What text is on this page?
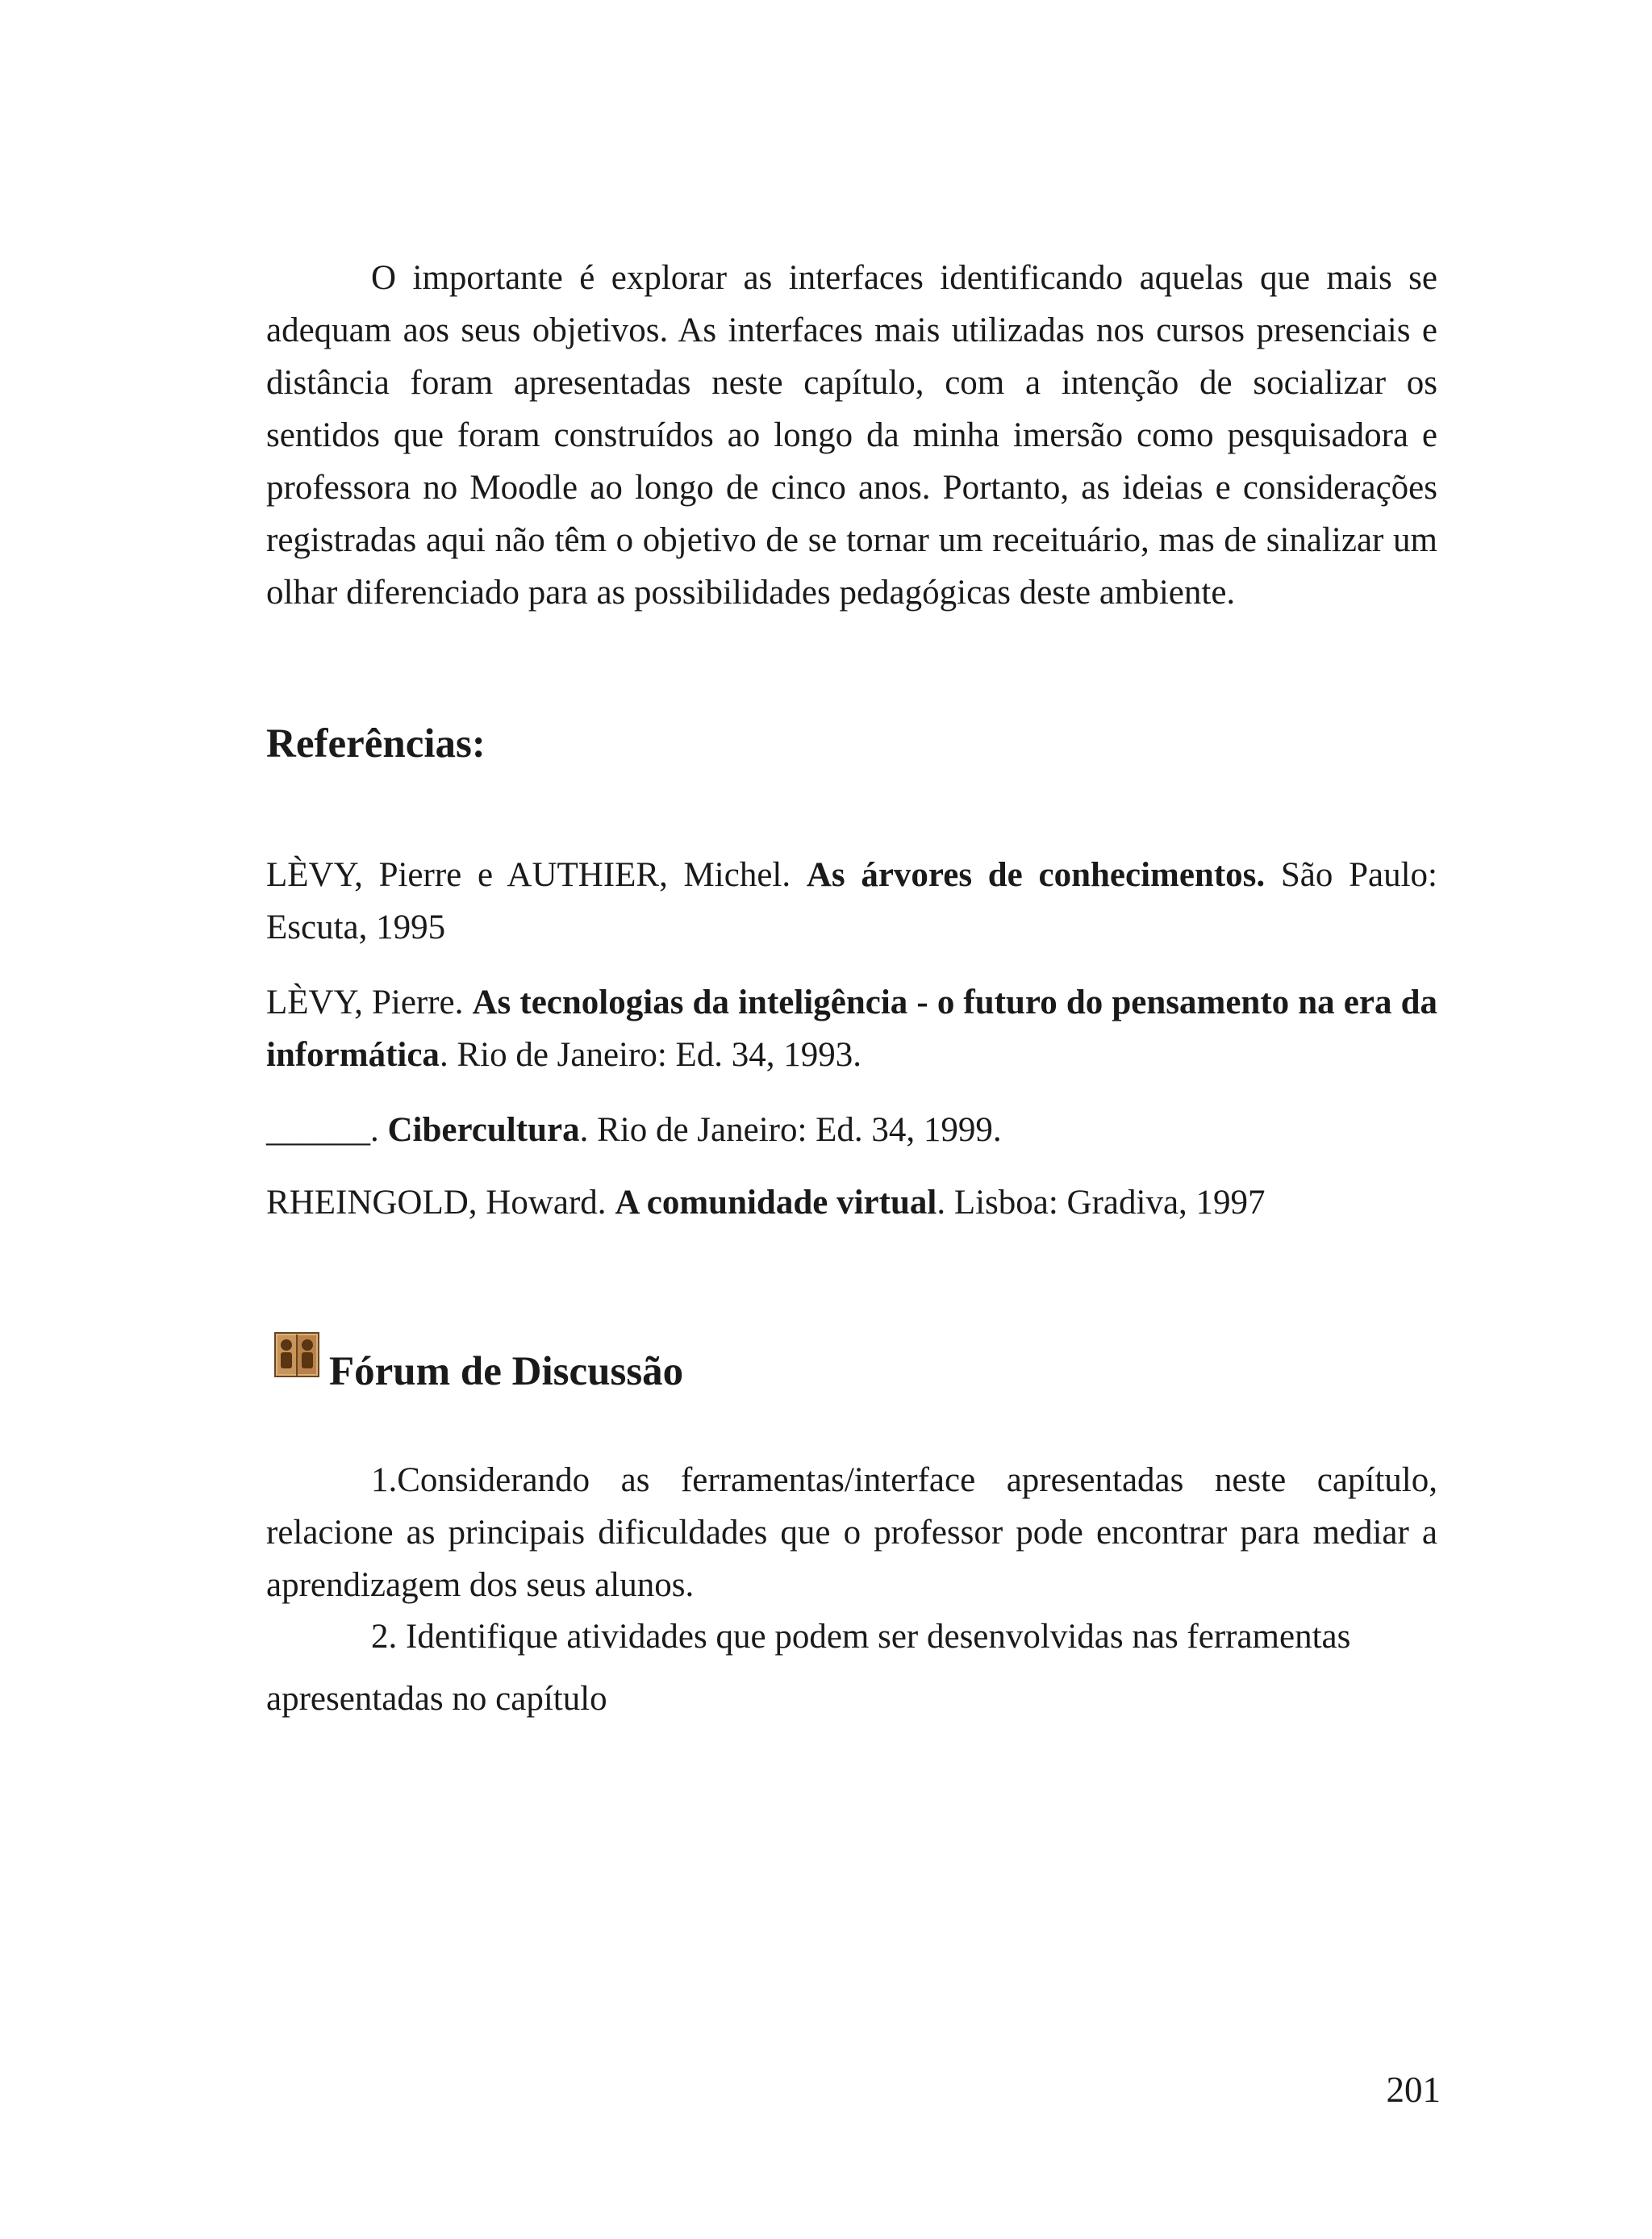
O importante é explorar as interfaces identificando aquelas que mais se adequam aos seus objetivos. As interfaces mais utilizadas nos cursos presenciais e distância foram apresentadas neste capítulo, com a intenção de socializar os sentidos que foram construídos ao longo da minha imersão como pesquisadora e professora no Moodle ao longo de cinco anos. Portanto, as ideias e considerações registradas aqui não têm o objetivo de se tornar um receituário, mas de sinalizar um olhar diferenciado para as possibilidades pedagógicas deste ambiente.

Referências:

LÈVY, Pierre e AUTHIER, Michel. As árvores de conhecimentos. São Paulo: Escuta, 1995

LÈVY, Pierre. As tecnologias da inteligência - o futuro do pensamento na era da informática. Rio de Janeiro: Ed. 34, 1993.

______. Cibercultura. Rio de Janeiro: Ed. 34, 1999.

RHEINGOLD, Howard. A comunidade virtual. Lisboa: Gradiva, 1997

Fórum de Discussão

1.Considerando as ferramentas/interface apresentadas neste capítulo, relacione as principais dificuldades que o professor pode encontrar para mediar a aprendizagem dos seus alunos.

2. Identifique atividades que podem ser desenvolvidas nas ferramentas
apresentadas no capítulo

201
